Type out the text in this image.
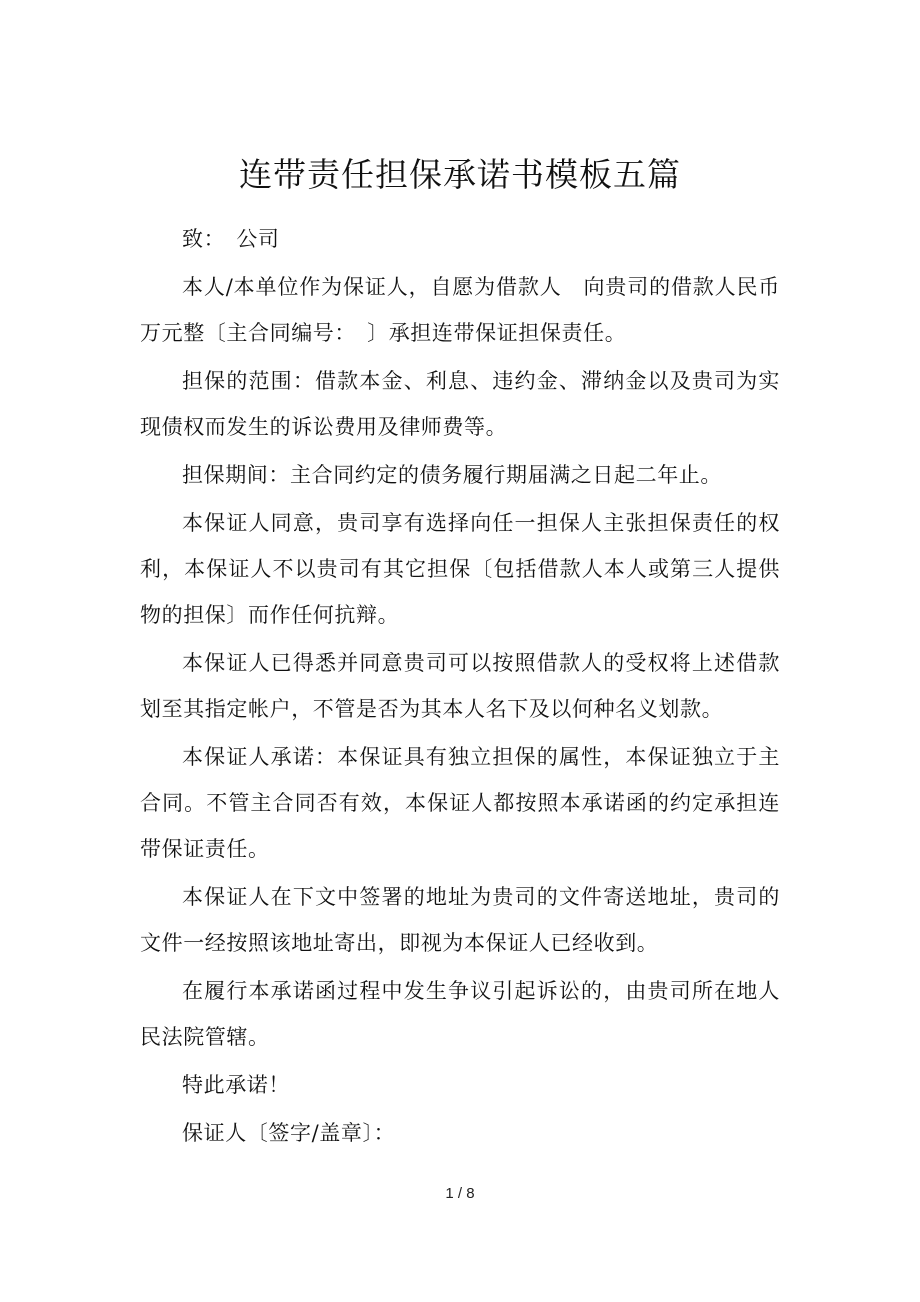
连带责任担保承诺书模板五篇

致：　公司

本人/本单位作为保证人，自愿为借款人　向贵司的借款人民币万元整〔主合同编号：　〕承担连带保证担保责任。

担保的范围：借款本金、利息、违约金、滞纳金以及贵司为实现债权而发生的诉讼费用及律师费等。

担保期间：主合同约定的债务履行期届满之日起二年止。

本保证人同意，贵司享有选择向任一担保人主张担保责任的权利，本保证人不以贵司有其它担保〔包括借款人本人或第三人提供物的担保〕而作任何抗辩。

本保证人已得悉并同意贵司可以按照借款人的受权将上述借款划至其指定帐户，不管是否为其本人名下及以何种名义划款。

本保证人承诺：本保证具有独立担保的属性，本保证独立于主合同。不管主合同否有效，本保证人都按照本承诺函的约定承担连带保证责任。

本保证人在下文中签署的地址为贵司的文件寄送地址，贵司的文件一经按照该地址寄出，即视为本保证人已经收到。

在履行本承诺函过程中发生争议引起诉讼的，由贵司所在地人民法院管辖。

特此承诺！

保证人〔签字/盖章〕：

1 / 8
